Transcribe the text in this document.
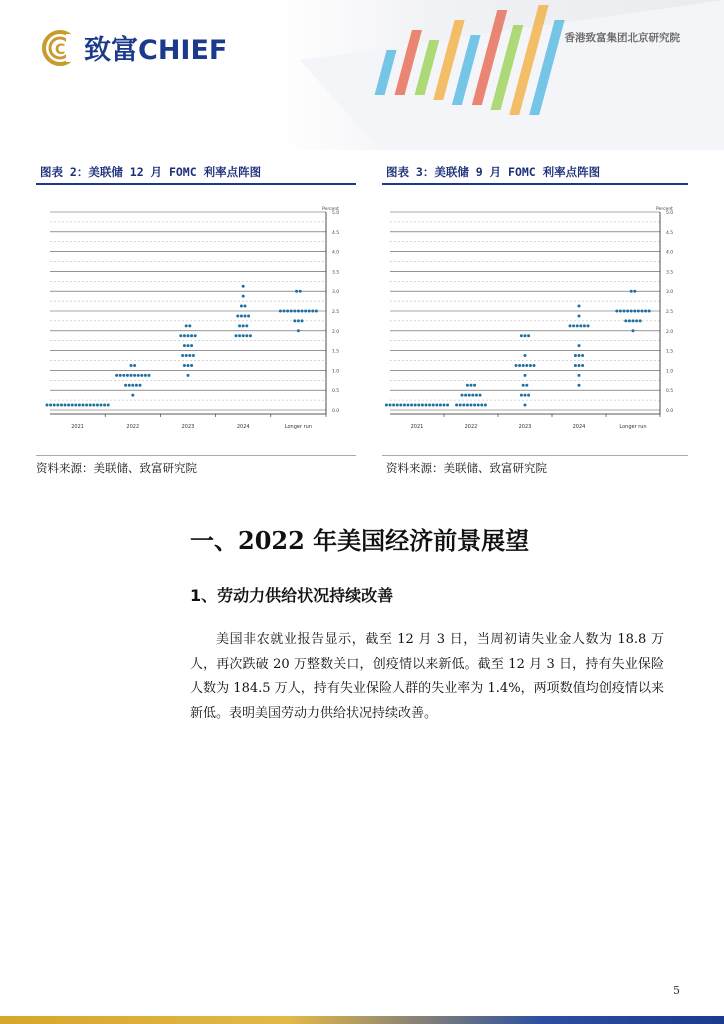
C 致富CHIEF	香港致富集团北京研究院
图表 2：美联储 12 月 FOMC 利率点阵图
0.0
0.5
1.0
1.5
2.0
2.5
3.0
3.5
4.0
4.5
5.0
Percent
2021	2022	2023	2024	Longer run
资料来源：美联储、致富研究院
图表 3：美联储 9 月 FOMC 利率点阵图
0.0
0.5
1.0
1.5
2.0
2.5
3.0
3.5
4.0
4.5
5.0
Percent
2021	2022	2023	2024	Longer run
资料来源：美联储、致富研究院
一、2022 年美国经济前景展望
1、劳动力供给状况持续改善
美国非农就业报告显示，截至 12 月 3 日，当周初请失业金人数为 18.8 万人，再次跌破 20 万整数关口，创疫情以来新低。截至 12 月 3 日，持有失业保险人数为 184.5 万人，持有失业保险人群的失业率为 1.4%，两项数值均创疫情以来新低。表明美国劳动力供给状况持续改善。
5
